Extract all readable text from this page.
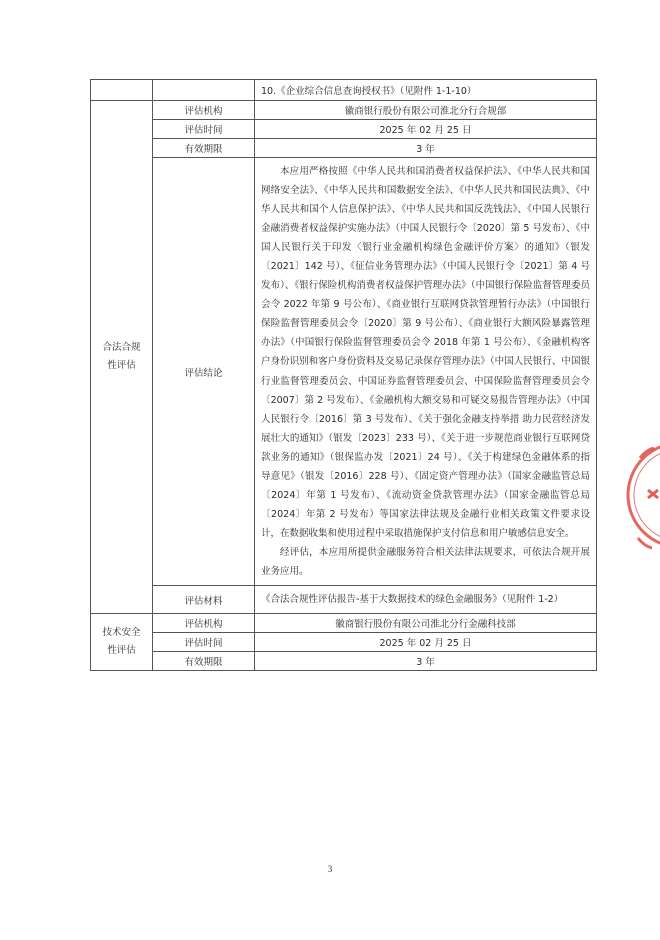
		10.《企业综合信息查询授权书》（见附件 1-1-10）

合法合规性评估	评估机构	徽商银行股份有限公司淮北分行合规部
	评估时间	2025 年 02 月 25 日
	有效期限	3 年
	评估结论	本应用严格按照《中华人民共和国消费者权益保护法》、《中华人民共和国网络安全法》、《中华人民共和国数据安全法》、《中华人民共和国民法典》、《中华人民共和国个人信息保护法》、《中华人民共和国反洗钱法》、《中国人民银行金融消费者权益保护实施办法》（中国人民银行令〔2020〕第 5 号发布）、《中国人民银行关于印发〈银行业金融机构绿色金融评价方案〉的通知》（银发〔2021〕142 号）、《征信业务管理办法》（中国人民银行令〔2021〕第 4 号发布）、《银行保险机构消费者权益保护管理办法》（中国银行保险监督管理委员会令 2022 年第 9 号公布）、《商业银行互联网贷款管理暂行办法》（中国银行保险监督管理委员会令〔2020〕第 9 号公布）、《商业银行大额风险暴露管理办法》（中国银行保险监督管理委员会令 2018 年第 1 号公布）、《金融机构客户身份识别和客户身份资料及交易记录保存管理办法》（中国人民银行、中国银行业监督管理委员会、中国证券监督管理委员会、中国保险监督管理委员会令〔2007〕第 2 号发布）、《金融机构大额交易和可疑交易报告管理办法》（中国人民银行令〔2016〕第 3 号发布）、《关于强化金融支持举措 助力民营经济发展壮大的通知》（银发〔2023〕233 号）、《关于进一步规范商业银行互联网贷款业务的通知》（银保监办发〔2021〕24 号）、《关于构建绿色金融体系的指导意见》（银发〔2016〕228 号）、《固定资产管理办法》（国家金融监管总局〔2024〕年第 1 号发布）、《流动资金贷款管理办法》（国家金融监管总局〔2024〕年第 2 号发布）等国家法律法规及金融行业相关政策文件要求设计，在数据收集和使用过程中采取措施保护支付信息和用户敏感信息安全。

经评估，本应用所提供金融服务符合相关法律法规要求，可依法合规开展业务应用。

	评估材料	《合法合规性评估报告-基于大数据技术的绿色金融服务》（见附件 1-2）

技术安全性评估	评估机构	徽商银行股份有限公司淮北分行金融科技部
	评估时间	2025 年 02 月 25 日
	有效期限	3 年
3
